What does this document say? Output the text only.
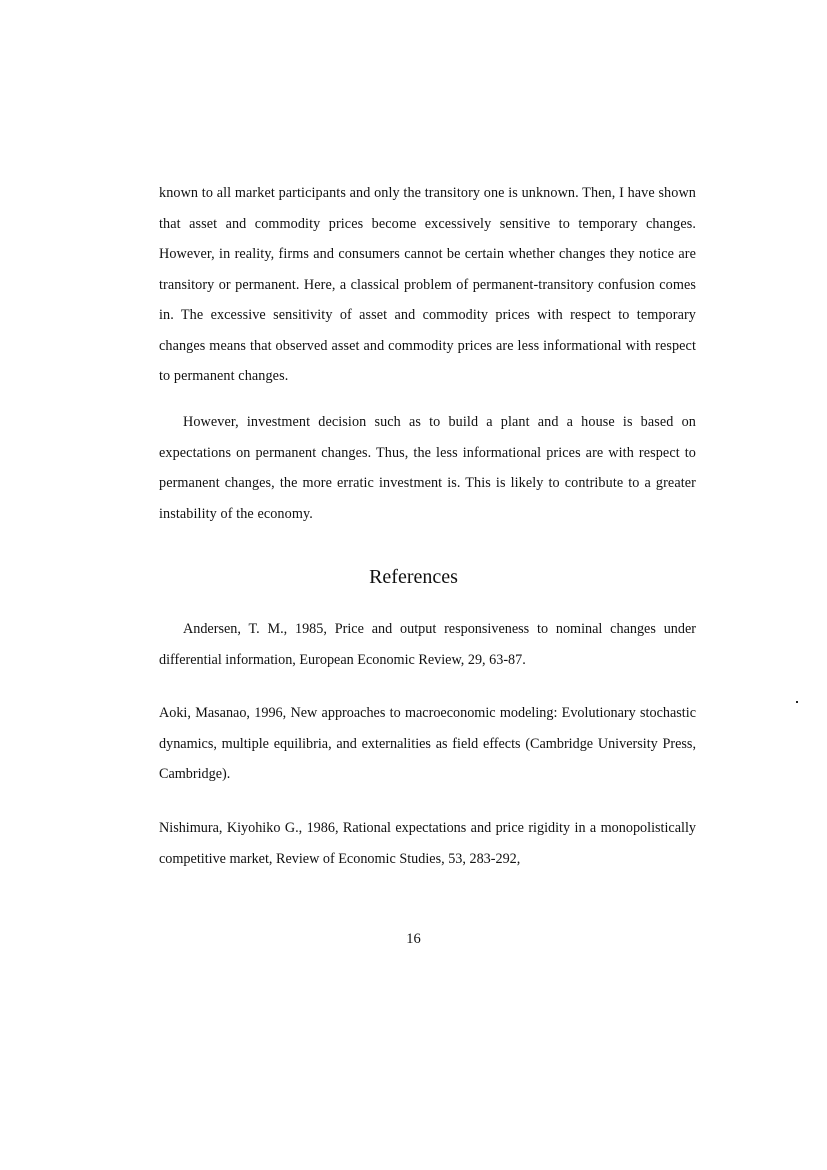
known to all market participants and only the transitory one is unknown. Then, I have shown that asset and commodity prices become excessively sensitive to temporary changes. However, in reality, firms and consumers cannot be certain whether changes they notice are transitory or permanent. Here, a classical problem of permanent-transitory confusion comes in. The excessive sensitivity of asset and commodity prices with respect to temporary changes means that observed asset and commodity prices are less informational with respect to permanent changes.

However, investment decision such as to build a plant and a house is based on expectations on permanent changes. Thus, the less informational prices are with respect to permanent changes, the more erratic investment is. This is likely to contribute to a greater instability of the economy.

References

Andersen, T. M., 1985, Price and output responsiveness to nominal changes under differential information, European Economic Review, 29, 63-87.

Aoki, Masanao, 1996, New approaches to macroeconomic modeling: Evolutionary stochastic dynamics, multiple equilibria, and externalities as field effects (Cambridge University Press, Cambridge).

Nishimura, Kiyohiko G., 1986, Rational expectations and price rigidity in a monopolistically competitive market, Review of Economic Studies, 53, 283-292,

16
